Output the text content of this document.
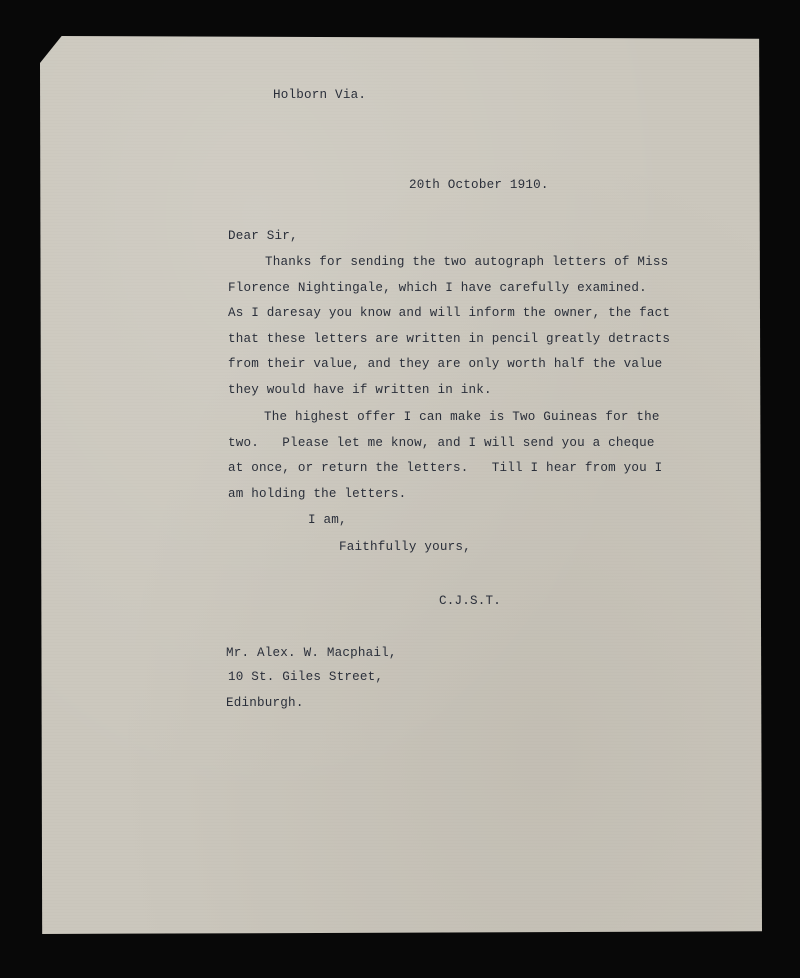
Holborn Via.

20th October 1910.

Dear Sir,

Thanks for sending the two autograph letters of Miss

Florence Nightingale, which I have carefully examined.

As I daresay you know and will inform the owner, the fact

that these letters are written in pencil greatly detracts

from their value, and they are only worth half the value

they would have if written in ink.

The highest offer I can make is Two Guineas for the

two.   Please let me know, and I will send you a cheque

at once, or return the letters.   Till I hear from you I

am holding the letters.

I am,

Faithfully yours,

C.J.S.T.

Mr. Alex. W. Macphail,

10 St. Giles Street,

Edinburgh.
